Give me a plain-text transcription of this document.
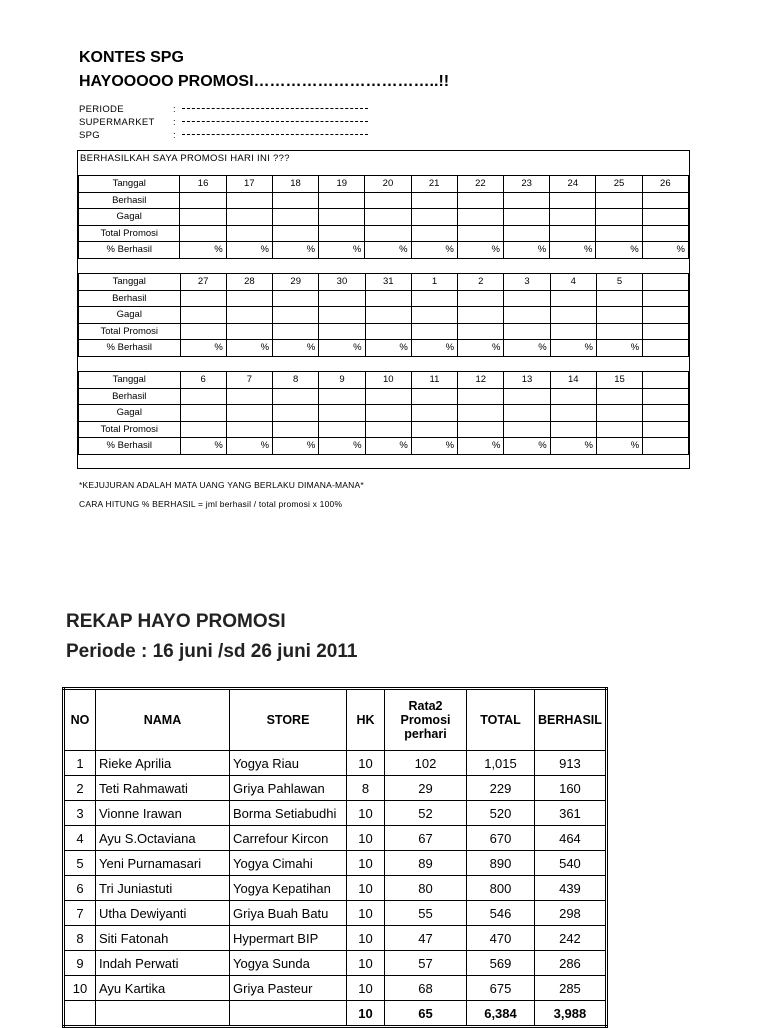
KONTES SPG
HAYOOOOO PROMOSI……………………………..!!
PERIODE	:
SUPERMARKET :
SPG	:
BERHASILKAH SAYA PROMOSI HARI INI ???
Tanggal	16	17	18	19	20	21	22	23	24	25	26
Berhasil											
Gagal											
Total Promosi											
% Berhasil	%	%	%	%	%	%	%	%	%	%	%
Tanggal	27	28	29	30	31	1	2	3	4	5	
Berhasil											
Gagal											
Total Promosi											
% Berhasil	%	%	%	%	%	%	%	%	%	%	
Tanggal	6	7	8	9	10	11	12	13	14	15	
Berhasil											
Gagal											
Total Promosi											
% Berhasil	%	%	%	%	%	%	%	%	%	%	
*KEJUJURAN ADALAH MATA UANG YANG BERLAKU DIMANA-MANA*
CARA HITUNG % BERHASIL = jml berhasil / total promosi x 100%
REKAP HAYO PROMOSI
Periode : 16 juni /sd 26 juni 2011
NO	NAMA	STORE	HK	Rata2 Promosi perhari	TOTAL	BERHASIL
1	Rieke Aprilia	Yogya Riau	10	102	1,015	913
2	Teti Rahmawati	Griya Pahlawan	8	29	229	160
3	Vionne Irawan	Borma Setiabudhi	10	52	520	361
4	Ayu S.Octaviana	Carrefour Kircon	10	67	670	464
5	Yeni Purnamasari	Yogya Cimahi	10	89	890	540
6	Tri Juniastuti	Yogya Kepatihan	10	80	800	439
7	Utha Dewiyanti	Griya Buah Batu	10	55	546	298
8	Siti Fatonah	Hypermart BIP	10	47	470	242
9	Indah Perwati	Yogya Sunda	10	57	569	286
10	Ayu Kartika	Griya Pasteur	10	68	675	285
			10	65	6,384	3,988
